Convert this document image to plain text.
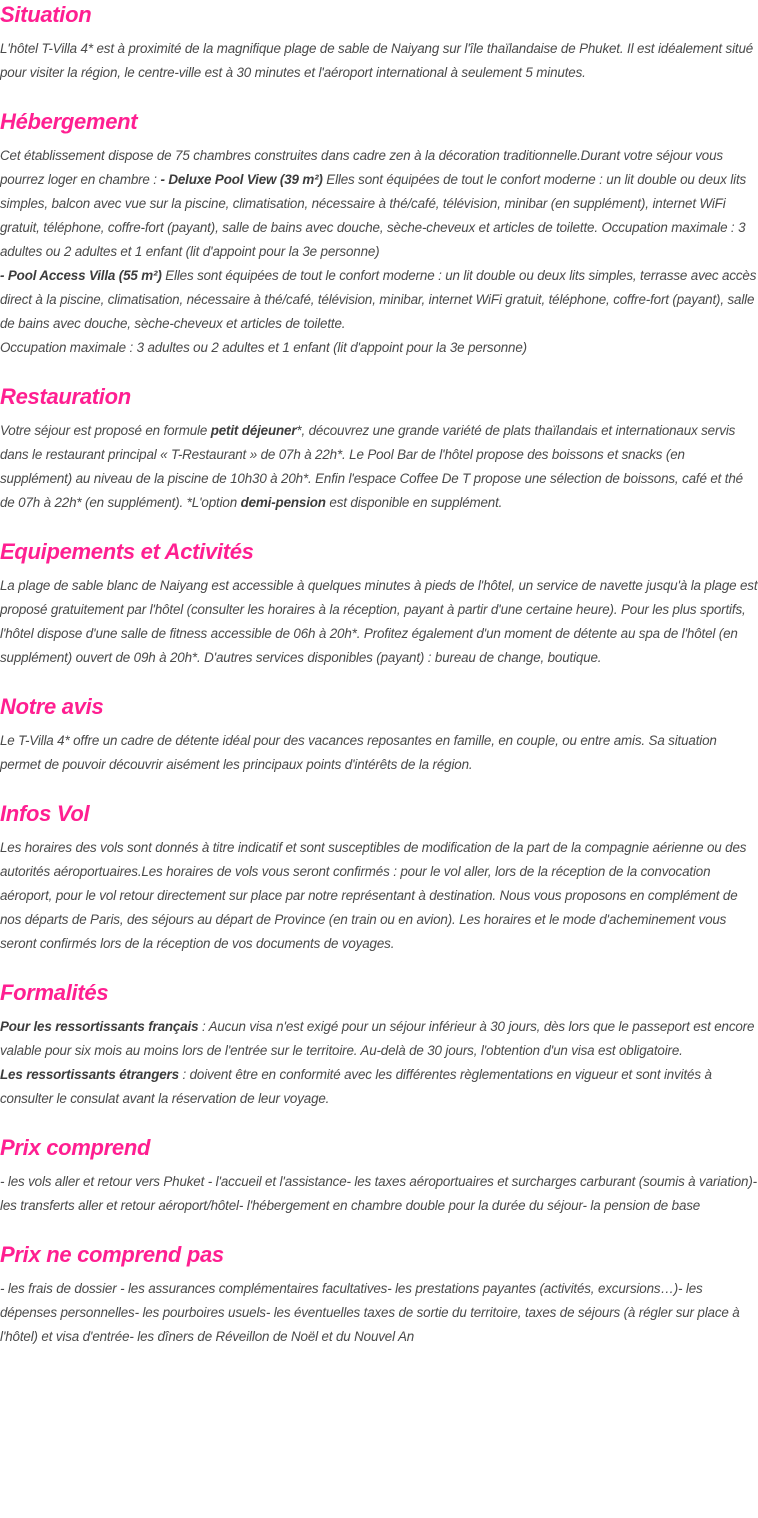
Situation

L'hôtel T-Villa 4* est à proximité de la magnifique plage de sable de Naiyang sur l'île thaïlandaise de Phuket. Il est idéalement situé pour visiter la région, le centre-ville est à 30 minutes et l'aéroport international à seulement 5 minutes.

Hébergement

Cet établissement dispose de 75 chambres construites dans cadre zen à la décoration traditionnelle.Durant votre séjour vous pourrez loger en chambre : - Deluxe Pool View (39 m²) Elles sont équipées de tout le confort moderne : un lit double ou deux lits simples, balcon avec vue sur la piscine, climatisation, nécessaire à thé/café, télévision, minibar (en supplément), internet WiFi gratuit, téléphone, coffre-fort (payant), salle de bains avec douche, sèche-cheveux et articles de toilette. Occupation maximale : 3 adultes ou 2 adultes et 1 enfant (lit d'appoint pour la 3e personne)

- Pool Access Villa (55 m²) Elles sont équipées de tout le confort moderne : un lit double ou deux lits simples, terrasse avec accès direct à la piscine, climatisation, nécessaire à thé/café, télévision, minibar, internet WiFi gratuit, téléphone, coffre-fort (payant), salle de bains avec douche, sèche-cheveux et articles de toilette.

Occupation maximale : 3 adultes ou 2 adultes et 1 enfant (lit d'appoint pour la 3e personne)

Restauration

Votre séjour est proposé en formule petit déjeuner*, découvrez une grande variété de plats thaïlandais et internationaux servis dans le restaurant principal « T-Restaurant » de 07h à 22h*. Le Pool Bar de l'hôtel propose des boissons et snacks (en supplément) au niveau de la piscine de 10h30 à 20h*. Enfin l'espace Coffee De T propose une sélection de boissons, café et thé de 07h à 22h* (en supplément). *L'option demi-pension est disponible en supplément.

Equipements et Activités

La plage de sable blanc de Naiyang est accessible à quelques minutes à pieds de l'hôtel, un service de navette jusqu'à la plage est proposé gratuitement par l'hôtel (consulter les horaires à la réception, payant à partir d'une certaine heure). Pour les plus sportifs, l'hôtel dispose d'une salle de fitness accessible de 06h à 20h*. Profitez également d'un moment de détente au spa de l'hôtel (en supplément) ouvert de 09h à 20h*. D'autres services disponibles (payant) : bureau de change, boutique.

Notre avis

Le T-Villa 4* offre un cadre de détente idéal pour des vacances reposantes en famille, en couple, ou entre amis. Sa situation permet de pouvoir découvrir aisément les principaux points d'intérêts de la région.

Infos Vol

Les horaires des vols sont donnés à titre indicatif et sont susceptibles de modification de la part de la compagnie aérienne ou des autorités aéroportuaires.Les horaires de vols vous seront confirmés : pour le vol aller, lors de la réception de la convocation aéroport, pour le vol retour directement sur place par notre représentant à destination. Nous vous proposons en complément de nos départs de Paris, des séjours au départ de Province (en train ou en avion). Les horaires et le mode d'acheminement vous seront confirmés lors de la réception de vos documents de voyages.

Formalités

Pour les ressortissants français : Aucun visa n'est exigé pour un séjour inférieur à 30 jours, dès lors que le passeport est encore valable pour six mois au moins lors de l'entrée sur le territoire. Au-delà de 30 jours, l'obtention d'un visa est obligatoire.

Les ressortissants étrangers : doivent être en conformité avec les différentes règlementations en vigueur et sont invités à consulter le consulat avant la réservation de leur voyage.

Prix comprend

- les vols aller et retour vers Phuket - l'accueil et l'assistance- les taxes aéroportuaires et surcharges carburant (soumis à variation)- les transferts aller et retour aéroport/hôtel- l'hébergement en chambre double pour la durée du séjour- la pension de base

Prix ne comprend pas

- les frais de dossier - les assurances complémentaires facultatives- les prestations payantes (activités, excursions…)- les dépenses personnelles- les pourboires usuels- les éventuelles taxes de sortie du territoire, taxes de séjours (à régler sur place à l'hôtel) et visa d'entrée- les dîners de Réveillon de Noël et du Nouvel An
